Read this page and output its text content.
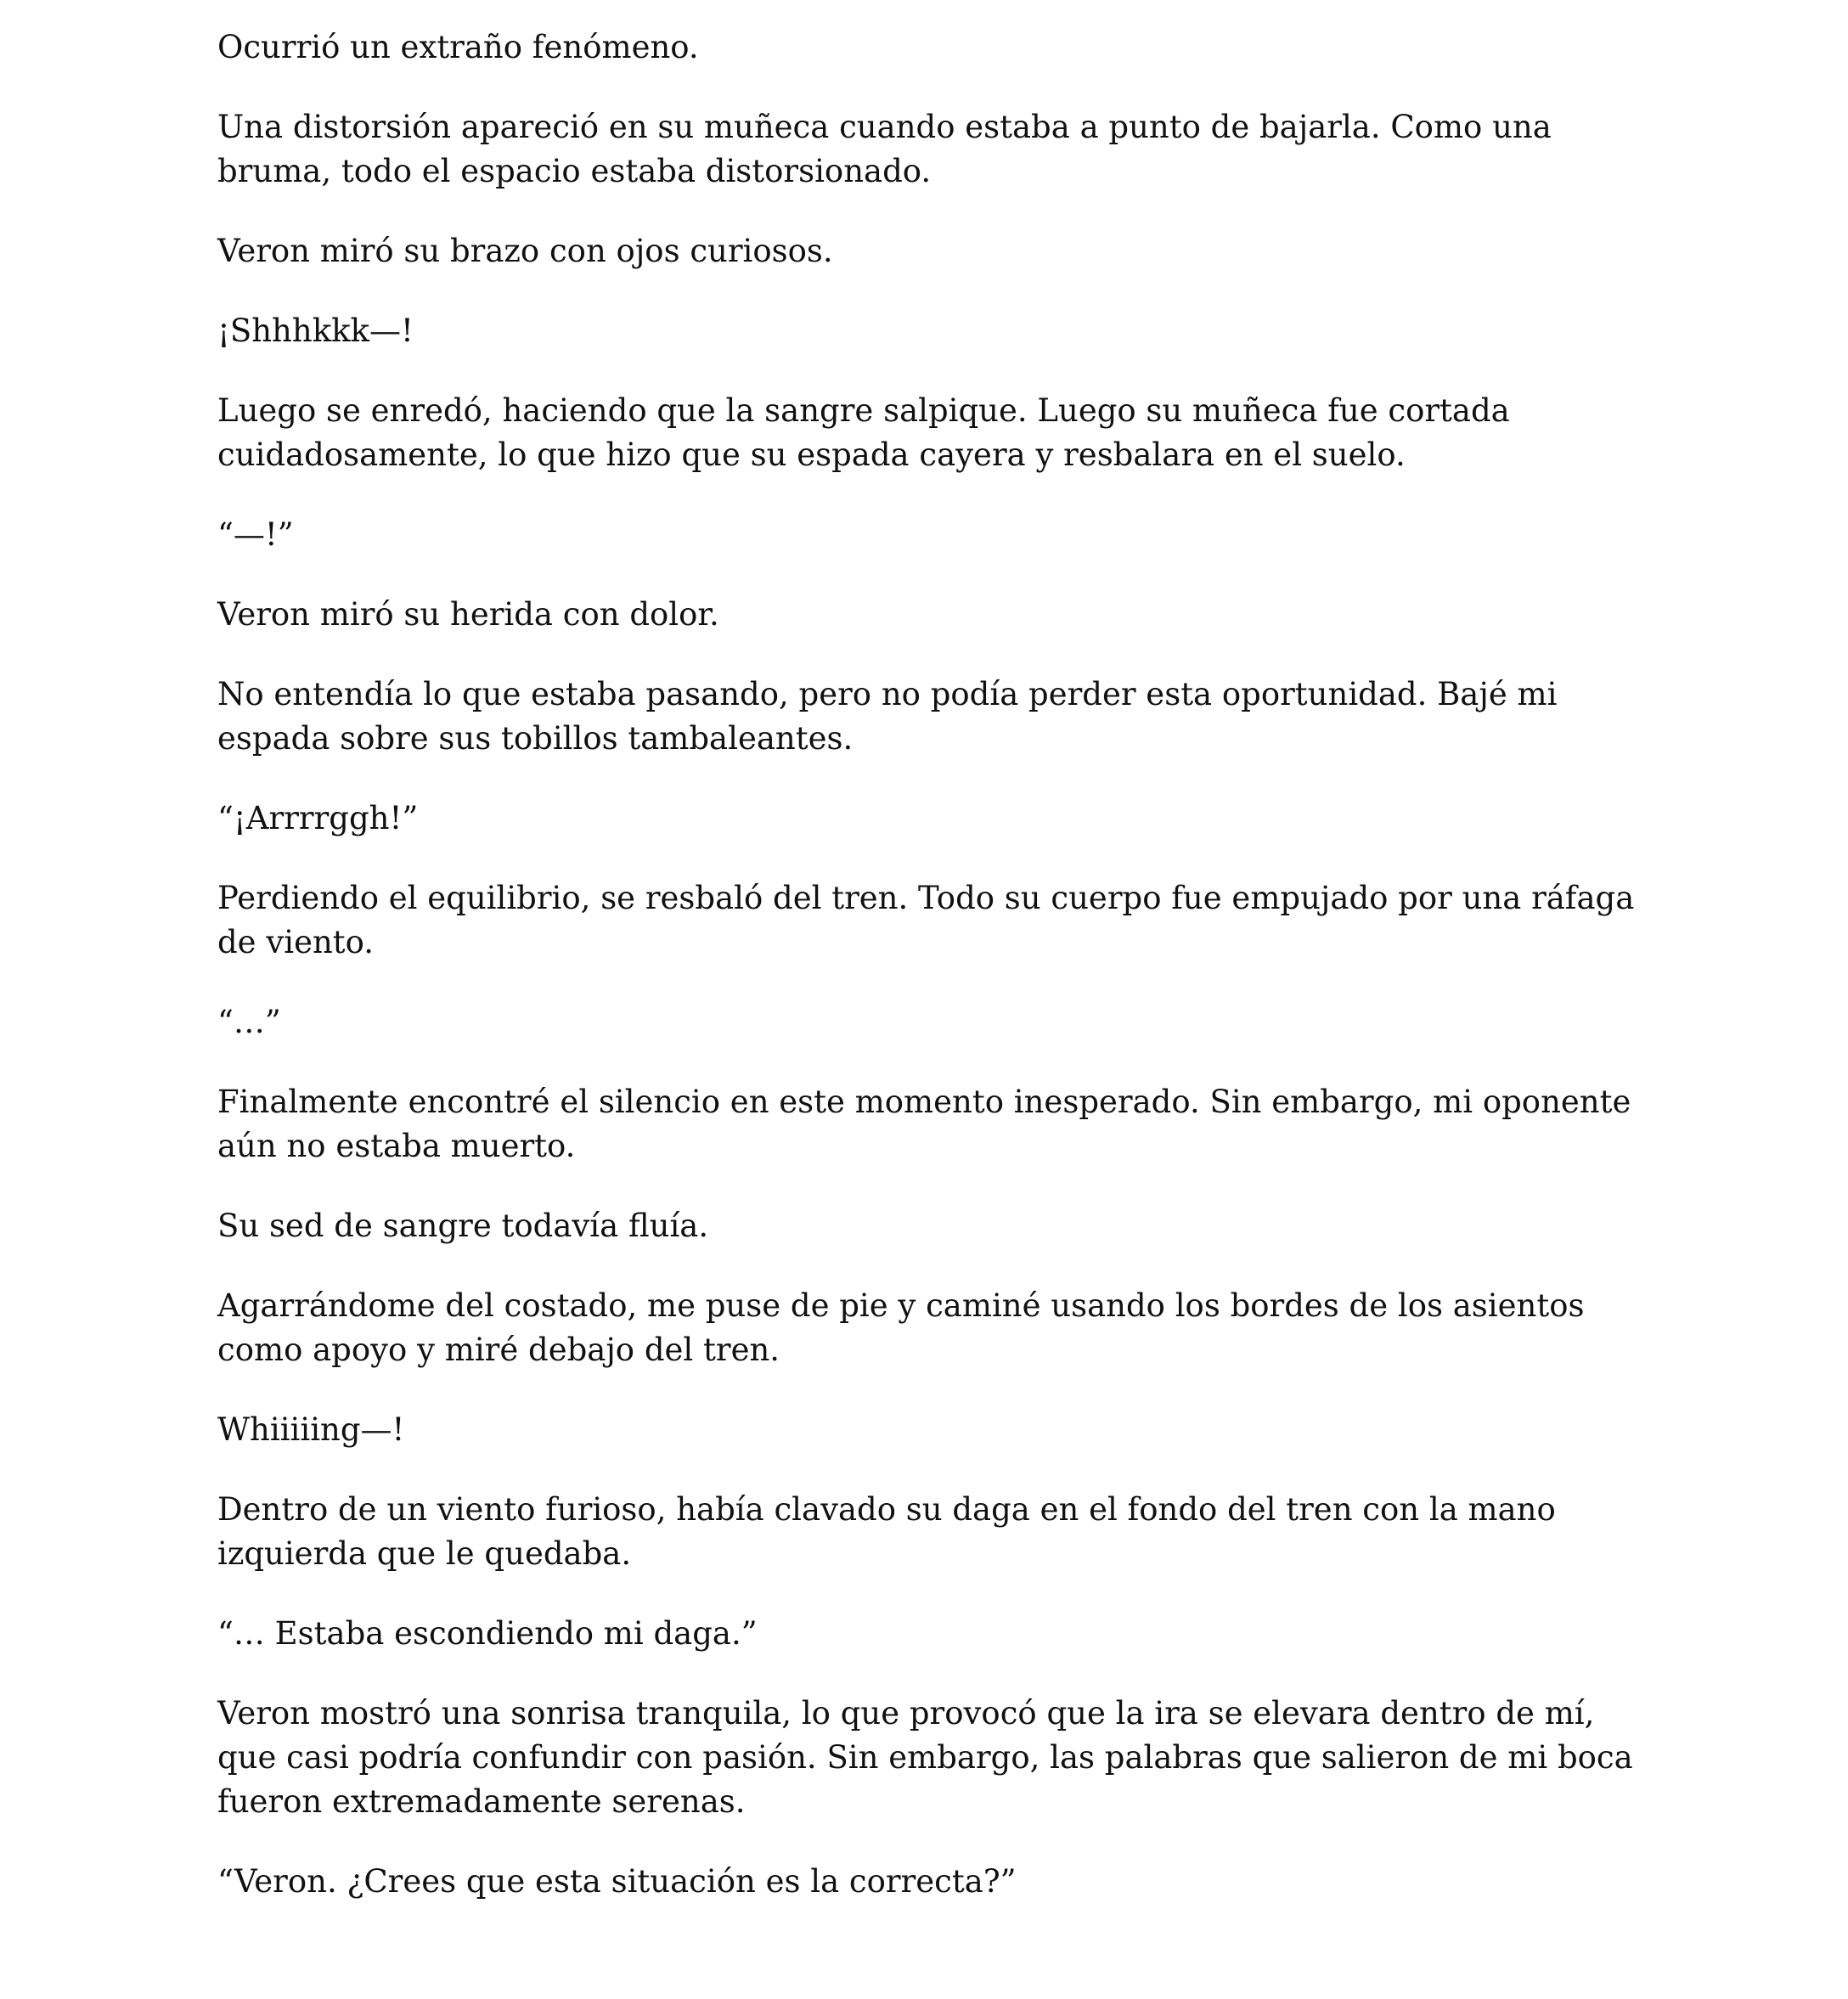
Ocurrió un extraño fenómeno.

Una distorsión apareció en su muñeca cuando estaba a punto de bajarla. Como una bruma, todo el espacio estaba distorsionado.

Veron miró su brazo con ojos curiosos.

¡Shhhkkk—!

Luego se enredó, haciendo que la sangre salpique. Luego su muñeca fue cortada cuidadosamente, lo que hizo que su espada cayera y resbalara en el suelo.

“—!”

Veron miró su herida con dolor.

No entendía lo que estaba pasando, pero no podía perder esta oportunidad. Bajé mi espada sobre sus tobillos tambaleantes.

“¡Arrrrggh!”

Perdiendo el equilibrio, se resbaló del tren. Todo su cuerpo fue empujado por una ráfaga de viento.

“…”

Finalmente encontré el silencio en este momento inesperado. Sin embargo, mi oponente aún no estaba muerto.

Su sed de sangre todavía fluía.

Agarrándome del costado, me puse de pie y caminé usando los bordes de los asientos como apoyo y miré debajo del tren.

Whiiiiing—!

Dentro de un viento furioso, había clavado su daga en el fondo del tren con la mano izquierda que le quedaba.

“… Estaba escondiendo mi daga.”

Veron mostró una sonrisa tranquila, lo que provocó que la ira se elevara dentro de mí, que casi podría confundir con pasión. Sin embargo, las palabras que salieron de mi boca fueron extremadamente serenas.

“Veron. ¿Crees que esta situación es la correcta?”
